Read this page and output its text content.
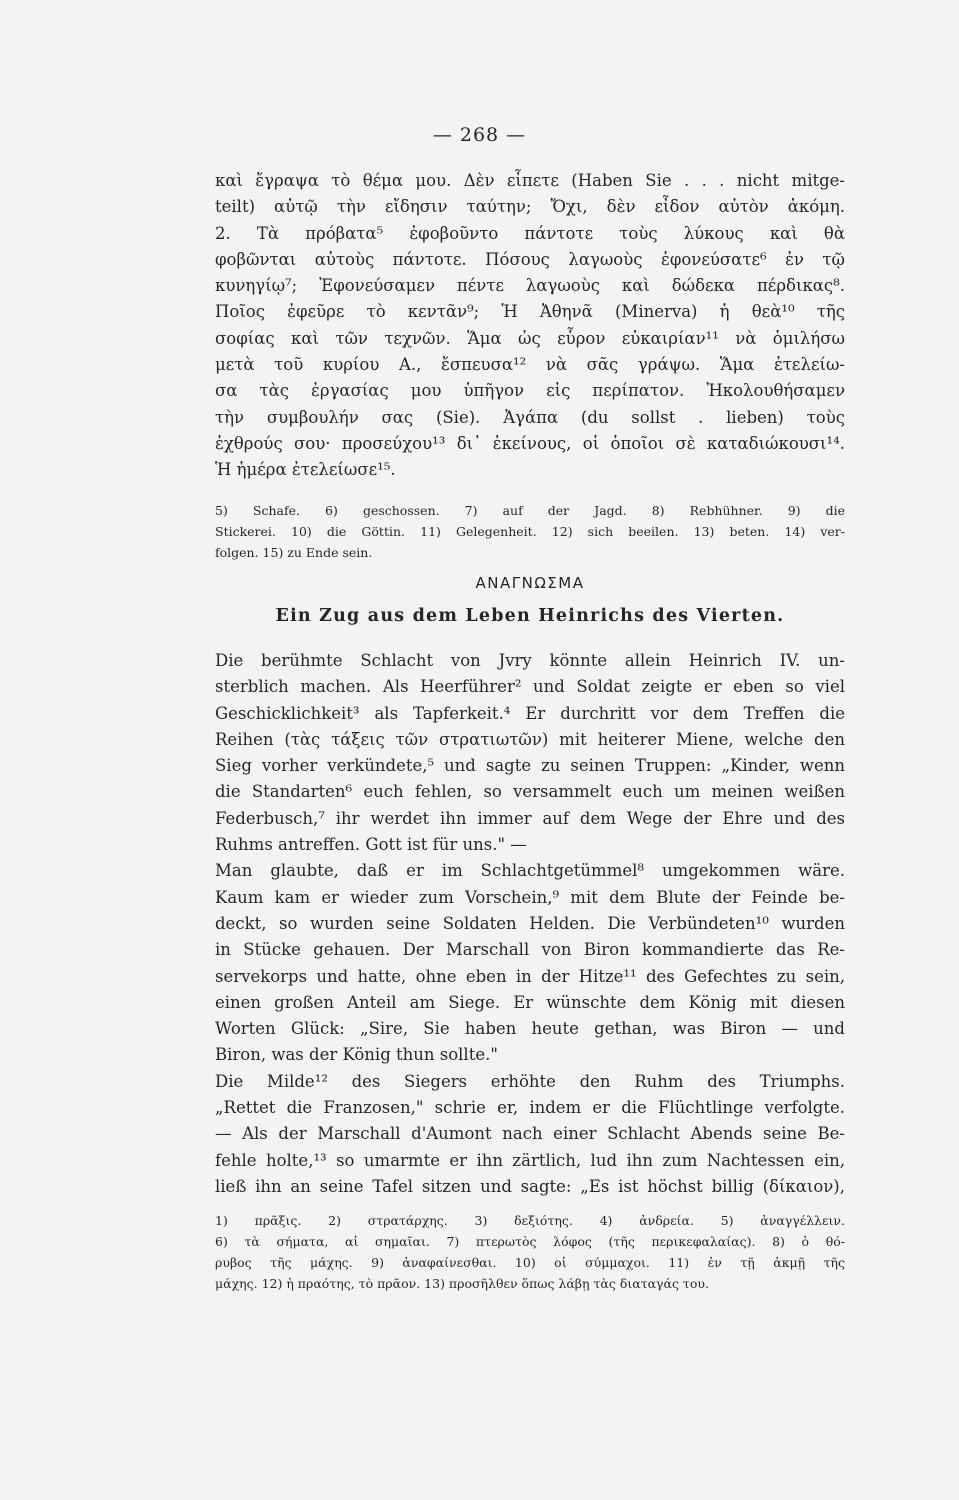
— 268 —
καὶ ἔγραψα τὸ θέμα μου. Δὲν εἶπετε (Haben Sie . . . nicht mitge-
teilt) αὐτῷ τὴν εἴδησιν ταύτην; Ὄχι, δὲν εἶδον αὐτὸν ἀκόμη.
2. Τὰ πρόβατα⁵ ἐφοβοῦντο πάντοτε τοὺς λύκους καὶ θὰ
φοβῶνται αὐτοὺς πάντοτε. Πόσους λαγωοὺς ἐφονεύσατε⁶ ἐν τῷ
κυνηγίῳ⁷; Ἐφονεύσαμεν πέντε λαγωοὺς καὶ δώδεκα πέρδικας⁸.
Ποῖος ἐφεῦρε τὸ κεντᾶν⁹; Ἡ Ἀθηνᾶ (Minerva) ἡ θεὰ¹⁰ τῆς
σοφίας καὶ τῶν τεχνῶν. Ἅμα ὡς εὗρον εὐκαιρίαν¹¹ νὰ ὁμιλήσω
μετὰ τοῦ κυρίου Α., ἔσπευσα¹² νὰ σᾶς γράψω. Ἅμα ἐτελείω-
σα τὰς ἐργασίας μου ὑπῆγον εἰς περίπατον. Ἠκολουθήσαμεν
τὴν συμβουλήν σας (Sie). Ἀγάπα (du sollst . lieben) τοὺς
ἐχθρούς σου· προσεύχου¹³ δι᾽ ἐκείνους, οἱ ὁποῖοι σὲ καταδιώκουσι¹⁴.
Ἡ ἡμέρα ἐτελείωσε¹⁵.
5) Schafe. 6) geschossen. 7) auf der Jagd. 8) Rebhühner. 9) die
Stickerei. 10) die Göttin. 11) Gelegenheit. 12) sich beeilen. 13) beten. 14) ver-
folgen. 15) zu Ende sein.
ΑΝΑΓΝΩΣΜΑ
Ein Zug aus dem Leben Heinrichs des Vierten.
Die berühmte Schlacht von Jvry könnte allein Heinrich IV. un-
sterblich machen. Als Heerführer² und Soldat zeigte er eben so viel
Geschicklichkeit³ als Tapferkeit.⁴ Er durchritt vor dem Treffen die
Reihen (τὰς τάξεις τῶν στρατιωτῶν) mit heiterer Miene, welche den
Sieg vorher verkündete,⁵ und sagte zu seinen Truppen: „Kinder, wenn
die Standarten⁶ euch fehlen, so versammelt euch um meinen weißen
Federbusch,⁷ ihr werdet ihn immer auf dem Wege der Ehre und des
Ruhms antreffen. Gott ist für uns." —
Man glaubte, daß er im Schlachtgetümmel⁸ umgekommen wäre.
Kaum kam er wieder zum Vorschein,⁹ mit dem Blute der Feinde be-
deckt, so wurden seine Soldaten Helden. Die Verbündeten¹⁰ wurden
in Stücke gehauen. Der Marschall von Biron kommandierte das Re-
servekorps und hatte, ohne eben in der Hitze¹¹ des Gefechtes zu sein,
einen großen Anteil am Siege. Er wünschte dem König mit diesen
Worten Glück: „Sire, Sie haben heute gethan, was Biron — und
Biron, was der König thun sollte."
Die Milde¹² des Siegers erhöhte den Ruhm des Triumphs.
„Rettet die Franzosen," schrie er, indem er die Flüchtlinge verfolgte.
— Als der Marschall d'Aumont nach einer Schlacht Abends seine Be-
fehle holte,¹³ so umarmte er ihn zärtlich, lud ihn zum Nachtessen ein,
ließ ihn an seine Tafel sitzen und sagte: „Es ist höchst billig (δίκαιον),
1) πρᾶξις. 2) στρατάρχης. 3) δεξιότης. 4) ἀνδρεία. 5) ἀναγγέλλειν.
6) τὰ σήματα, αἱ σημαῖαι. 7) πτερωτὸς λόφος (τῆς περικεφαλαίας). 8) ὁ θό-
ρυβος τῆς μάχης. 9) ἀναφαίνεσθαι. 10) οἱ σύμμαχοι. 11) ἐν τῇ ἀκμῇ τῆς
μάχης. 12) ἡ πραότης, τὸ πρᾶον. 13) προσῆλθεν ὅπως λάβῃ τὰς διαταγάς του.
